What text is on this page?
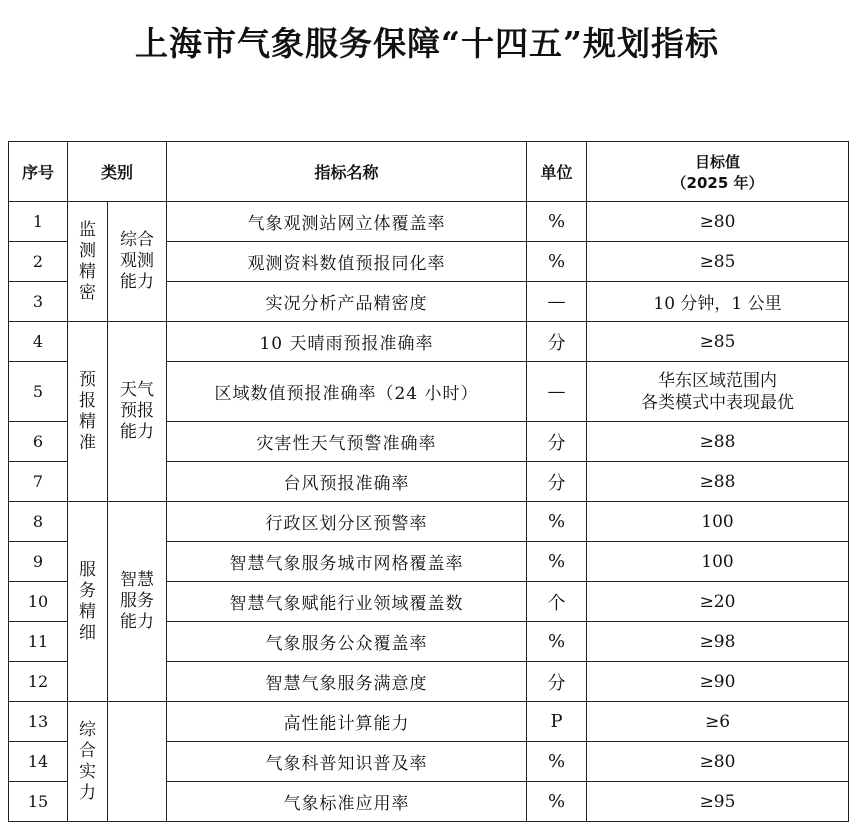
上海市气象服务保障“十四五”规划指标
序号	类别		指标名称	单位	目标值
（2025 年）

1	监
测
精
密	综合
观测
能力	气象观测站网立体覆盖率	%	≥80
2			观测资料数值预报同化率	%	≥85
3			实况分析产品精密度	—	10 分钟，1 公里
4	预
报
精
准	天气
预报
能力	10 天晴雨预报准确率	分	≥85
5			区域数值预报准确率（24 小时）	—	华东区域范围内
各类模式中表现最优

6			灾害性天气预警准确率	分	≥88
7			台风预报准确率	分	≥88
8	服
务
精
细	智慧
服务
能力	行政区划分区预警率	%	100
9			智慧气象服务城市网格覆盖率	%	100
10			智慧气象赋能行业领域覆盖数	个	≥20
11			气象服务公众覆盖率	%	≥98
12			智慧气象服务满意度	分	≥90
13	综
合
实
力		高性能计算能力	P	≥6
14			气象科普知识普及率	%	≥80
15			气象标准应用率	%	≥95
